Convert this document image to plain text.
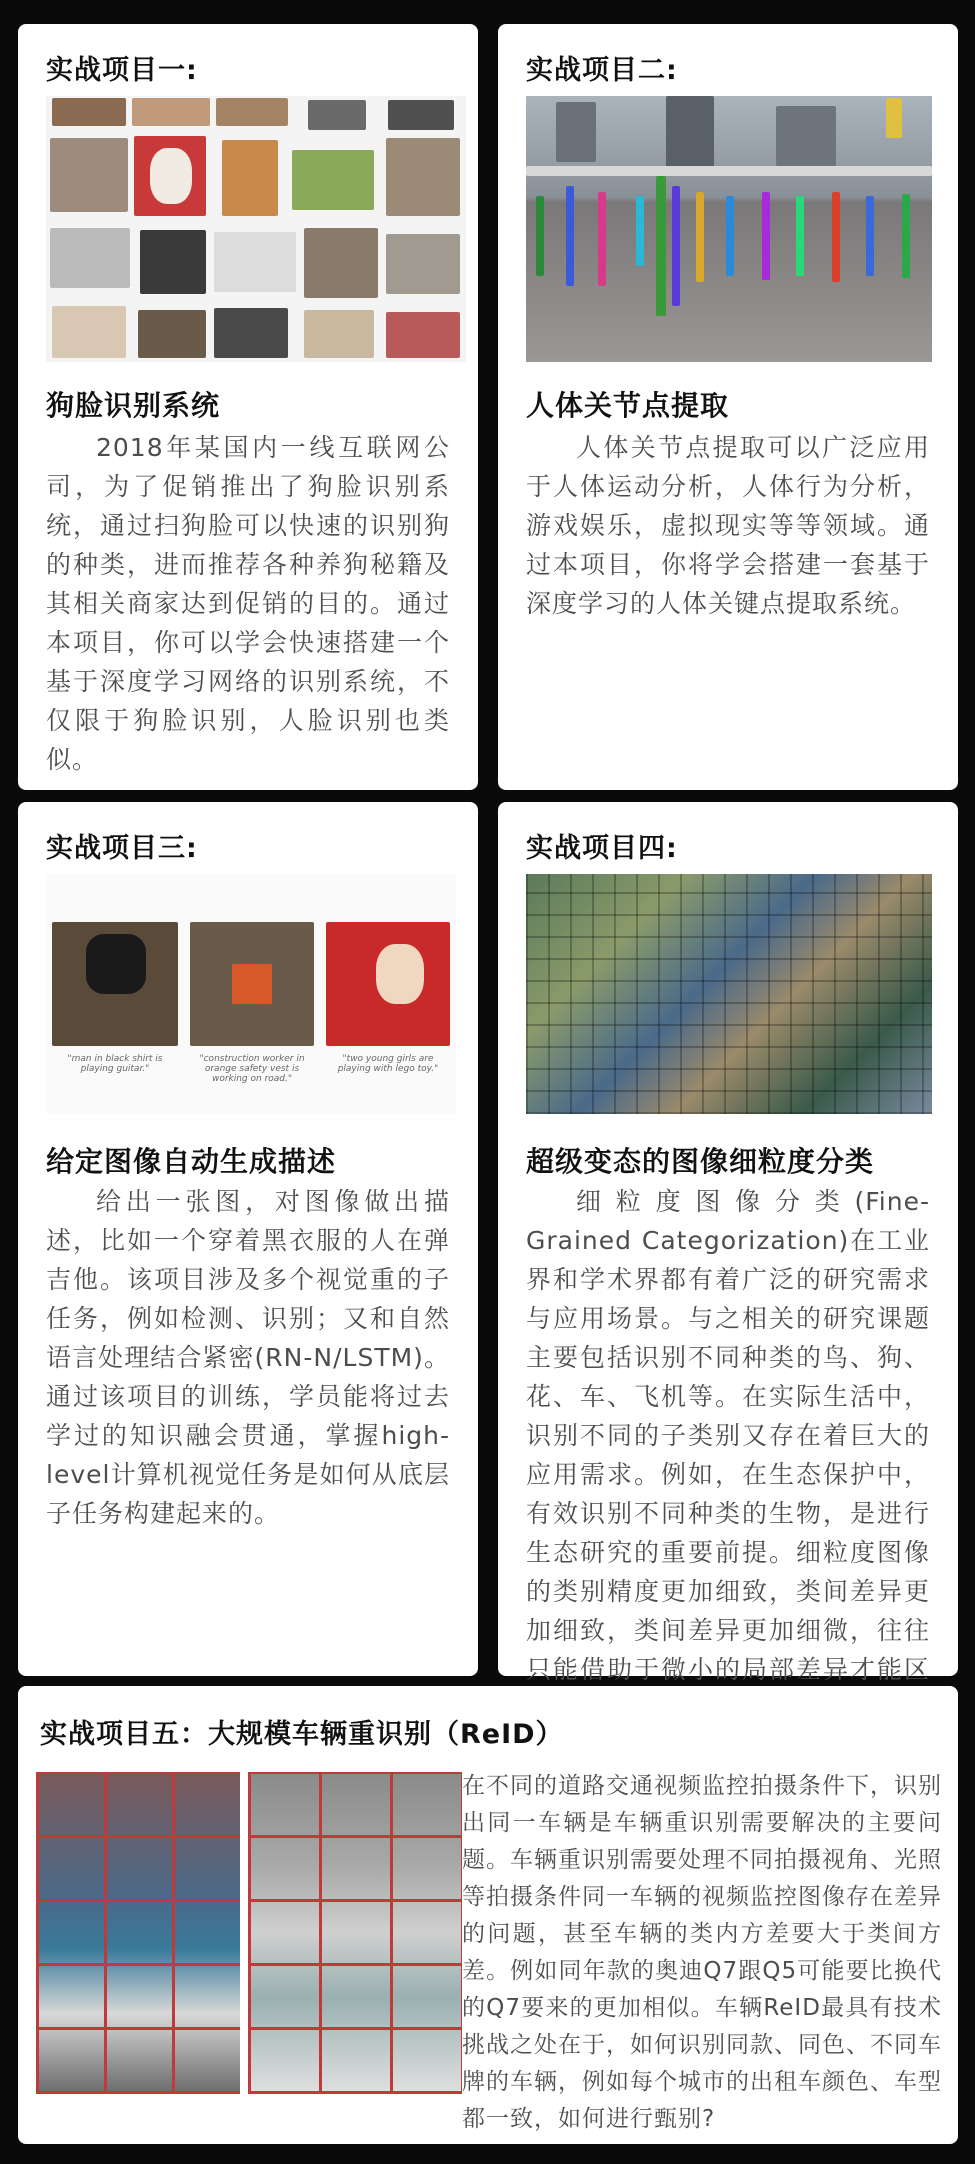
实战项目一:
狗脸识别系统
2018年某国内一线互联网公司，为了促销推出了狗脸识别系统，通过扫狗脸可以快速的识别狗的种类，进而推荐各种养狗秘籍及其相关商家达到促销的目的。通过本项目，你可以学会快速搭建一个基于深度学习网络的识别系统，不仅限于狗脸识别，人脸识别也类似。
实战项目二:
人体关节点提取
人体关节点提取可以广泛应用于人体运动分析，人体行为分析，游戏娱乐，虚拟现实等等领域。通过本项目，你将学会搭建一套基于深度学习的人体关键点提取系统。
实战项目三:
"man in black shirt is playing guitar."
"construction worker in orange safety vest is working on road."
"two young girls are playing with lego toy."
给定图像自动生成描述
给出一张图，对图像做出描述，比如一个穿着黑衣服的人在弹吉他。该项目涉及多个视觉重的子任务，例如检测、识别；又和自然语言处理结合紧密(RN-N/LSTM)。通过该项目的训练，学员能将过去学过的知识融会贯通，掌握high-level计算机视觉任务是如何从底层子任务构建起来的。
实战项目四:
超级变态的图像细粒度分类
细粒度图像分类(Fine-Grained Categorization)在工业界和学术界都有着广泛的研究需求与应用场景。与之相关的研究课题主要包括识别不同种类的鸟、狗、花、车、飞机等。在实际生活中，识别不同的子类别又存在着巨大的应用需求。例如，在生态保护中，有效识别不同种类的生物，是进行生态研究的重要前提。细粒度图像的类别精度更加细致，类间差异更加细致，类间差异更加细微，往往只能借助于微小的局部差异才能区
实战项目五：大规模车辆重识别（ReID）
在不同的道路交通视频监控拍摄条件下，识别出同一车辆是车辆重识别需要解决的主要问题。车辆重识别需要处理不同拍摄视角、光照等拍摄条件同一车辆的视频监控图像存在差异的问题，甚至车辆的类内方差要大于类间方差。例如同年款的奥迪Q7跟Q5可能要比换代的Q7要来的更加相似。车辆ReID最具有技术挑战之处在于，如何识别同款、同色、不同车牌的车辆，例如每个城市的出租车颜色、车型都一致，如何进行甄别?
